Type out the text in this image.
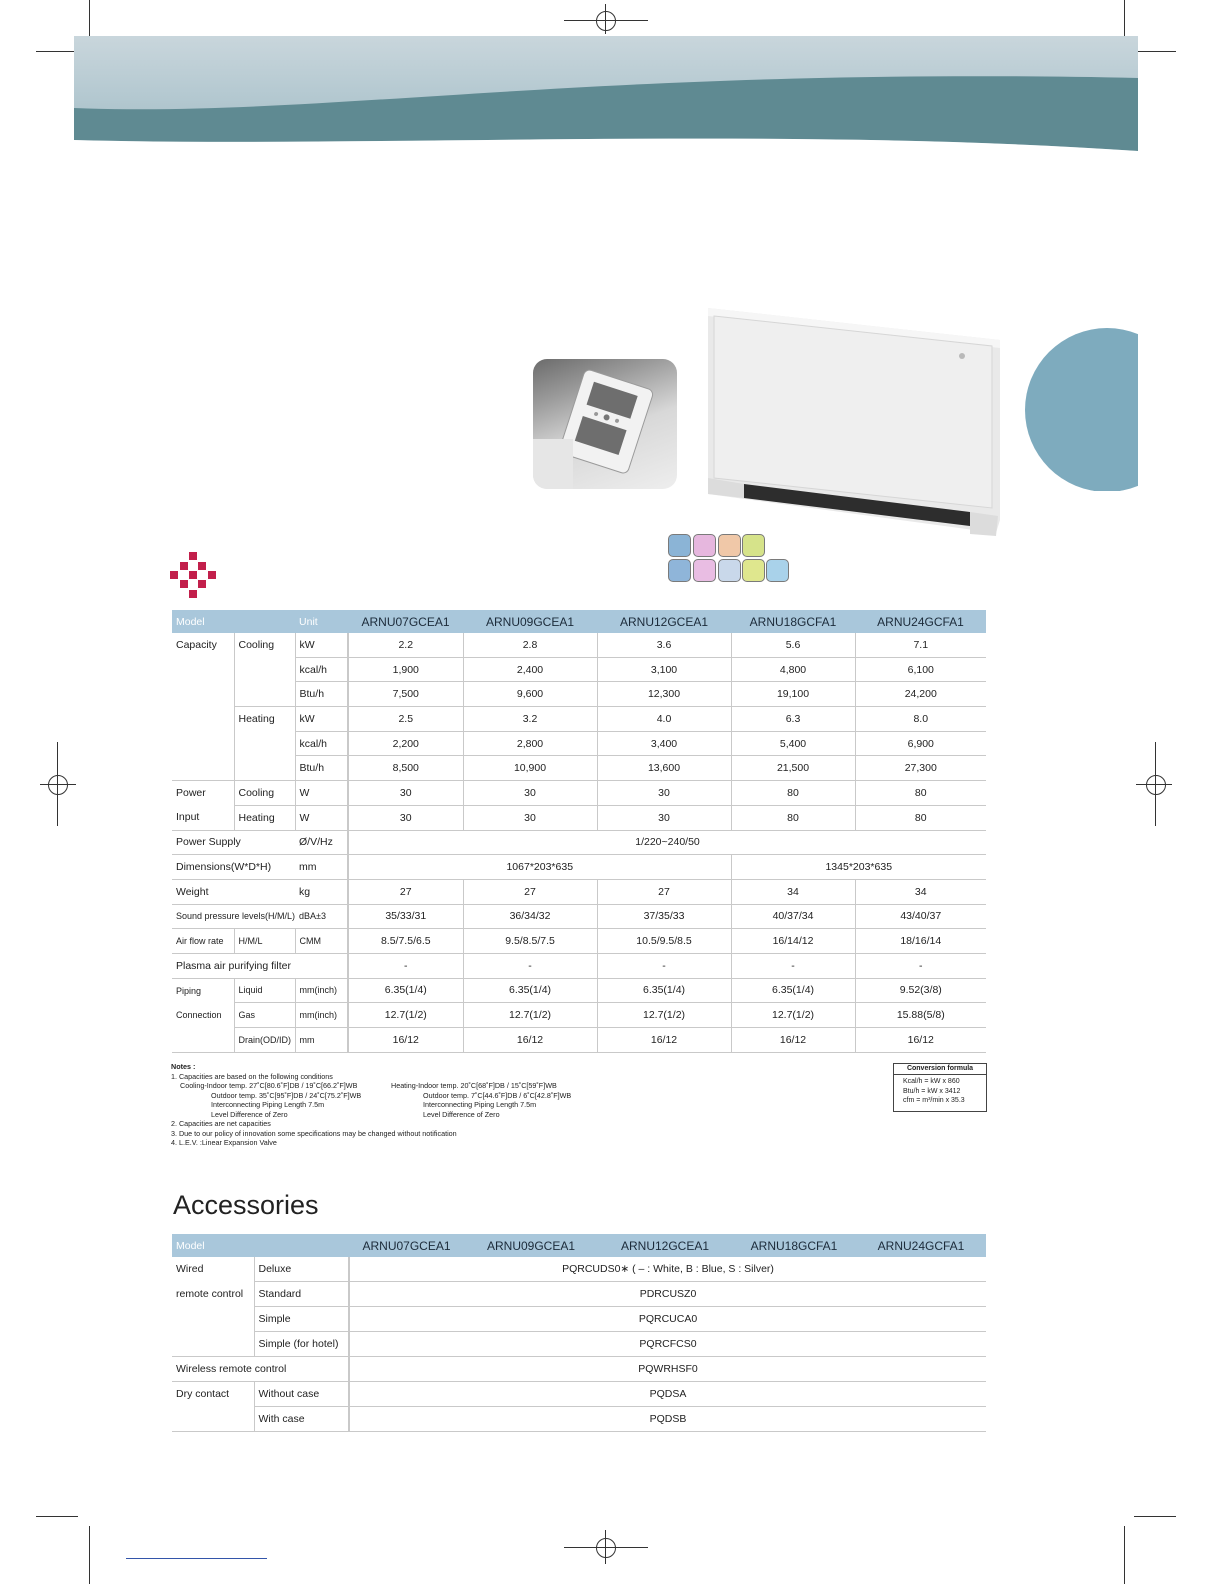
Model		Unit	ARNU07GCEA1	ARNU09GCEA1	ARNU12GCEA1	ARNU18GCFA1	ARNU24GCFA1
Capacity	Cooling	kW	2.2	2.8	3.6	5.6	7.1
		kcal/h	1,900	2,400	3,100	4,800	6,100
		Btu/h	7,500	9,600	12,300	19,100	24,200
	Heating	kW	2.5	3.2	4.0	6.3	8.0
		kcal/h	2,200	2,800	3,400	5,400	6,900
		Btu/h	8,500	10,900	13,600	21,500	27,300
Power	Cooling	W	30	30	30	80	80
Input	Heating	W	30	30	30	80	80
Power Supply		Ø/V/Hz	1/220~240/50				
Dimensions(W*D*H)		mm	1067*203*635			1345*203*635	
Weight		kg	27	27	27	34	34
Sound pressure levels(H/M/L)		dBA±3	35/33/31	36/34/32	37/35/33	40/37/34	43/40/37
Air flow rate	H/M/L	CMM	8.5/7.5/6.5	9.5/8.5/7.5	10.5/9.5/8.5	16/14/12	18/16/14
Plasma air purifying filter			-	-	-	-	-
Piping	Liquid	mm(inch)	6.35(1/4)	6.35(1/4)	6.35(1/4)	6.35(1/4)	9.52(3/8)
Connection	Gas	mm(inch)	12.7(1/2)	12.7(1/2)	12.7(1/2)	12.7(1/2)	15.88(5/8)
	Drain(OD/ID)	mm	16/12	16/12	16/12	16/12	16/12
Notes :
1. Capacities are based on the following conditions
Cooling-Indoor temp. 27˚C[80.6˚F]DB / 19˚C[66.2˚F]WB
Outdoor temp. 35˚C[95˚F]DB / 24˚C[75.2˚F]WB
Interconnecting Piping Length 7.5m
Level Difference of Zero
Heating-Indoor temp. 20˚C[68˚F]DB / 15˚C[59˚F]WB
Outdoor temp. 7˚C[44.6˚F]DB / 6˚C[42.8˚F]WB
Interconnecting Piping Length 7.5m
Level Difference of Zero
2. Capacities are net capacities
3. Due to our policy of innovation some specifications may be changed without notification
4. L.E.V. :Linear Expansion Valve
Conversion formula
Kcal/h = kW x 860
Btu/h = kW x 3412
cfm = m³/min x 35.3
Accessories
Model		ARNU07GCEA1	ARNU09GCEA1	ARNU12GCEA1	ARNU18GCFA1	ARNU24GCFA1
Wired	Deluxe	PQRCUDS0∗ ( – : White, B : Blue, S : Silver)				
remote control	Standard	PDRCUSZ0				
	Simple	PQRCUCA0				
	Simple (for hotel)	PQRCFCS0				
Wireless remote control		PQWRHSF0				
Dry contact	Without case	PQDSA				
	With case	PQDSB				
